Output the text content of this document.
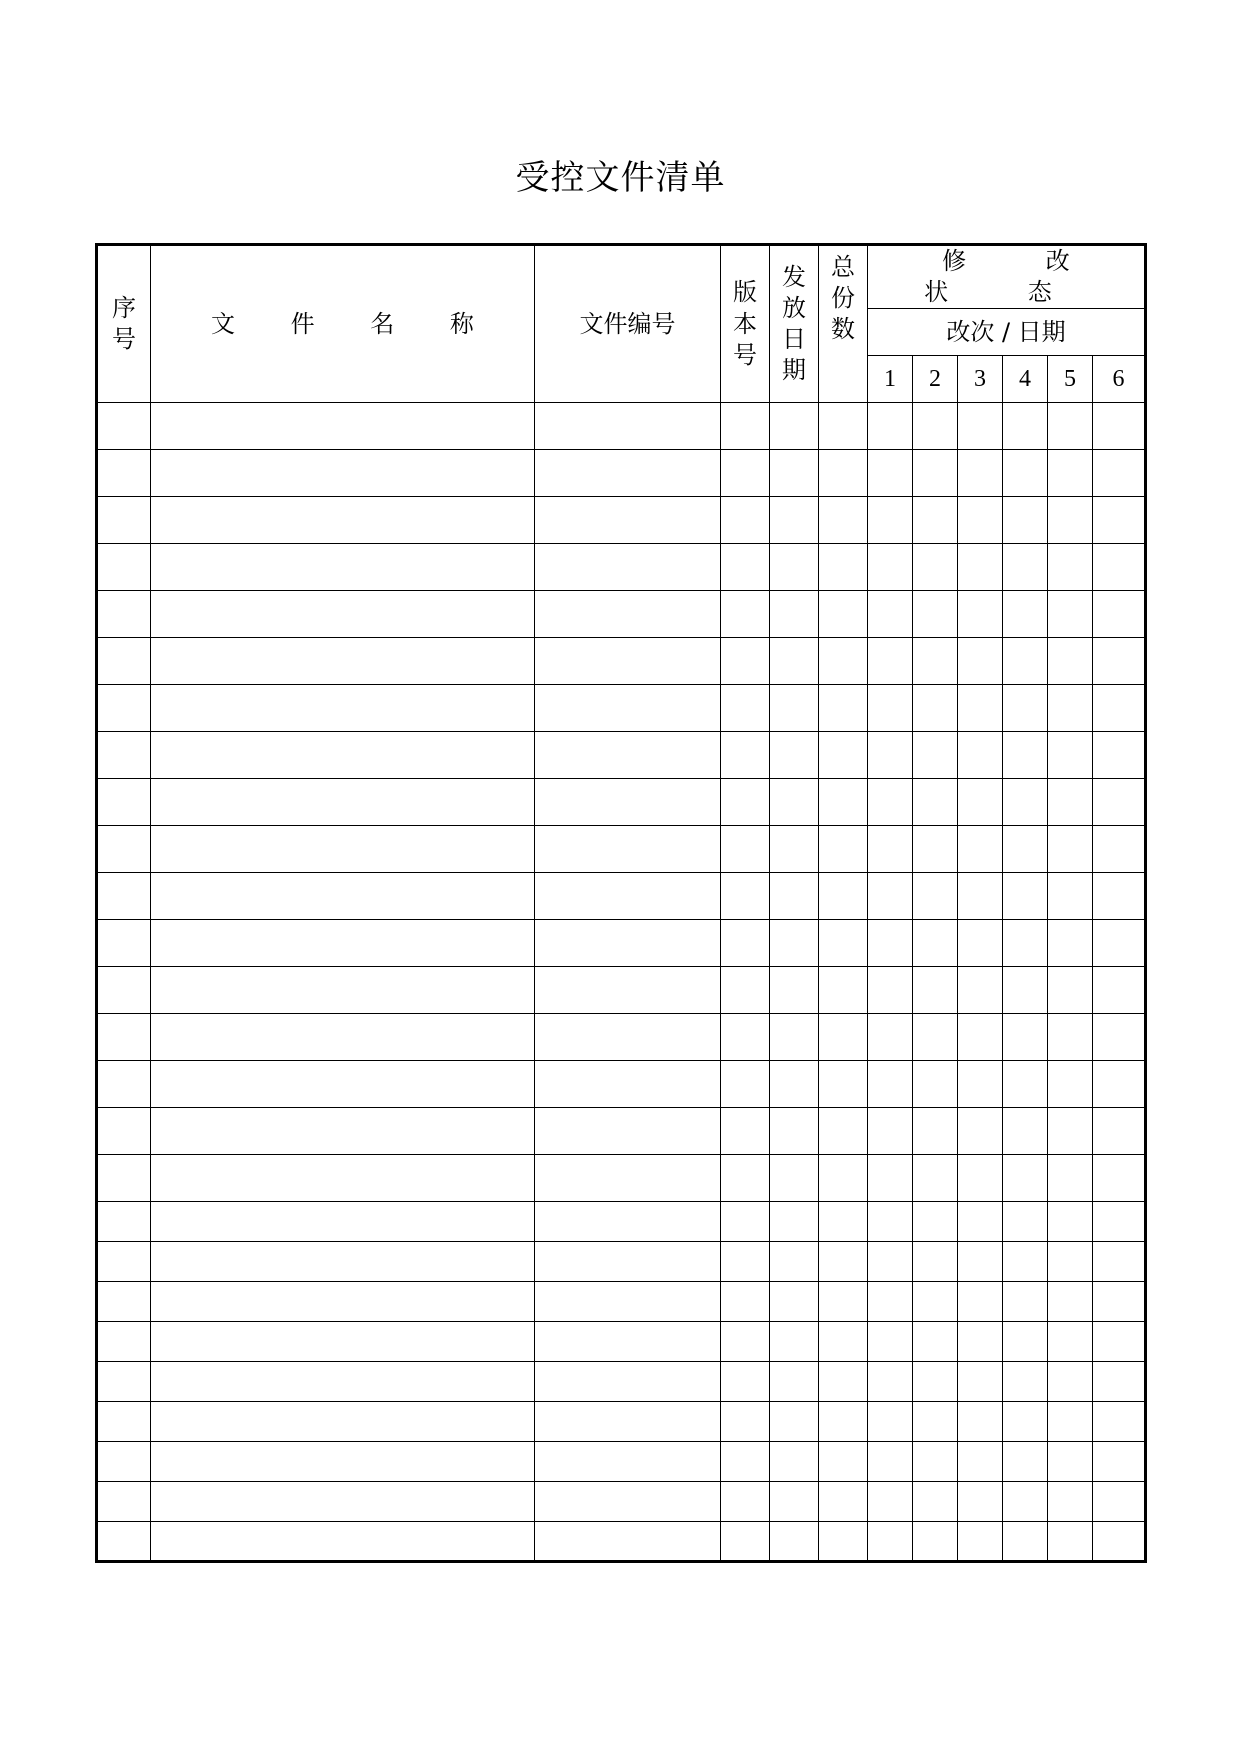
受控文件清单
序号	文 件 名 称	文件编号	版本号	发放日期	总份数	修 改 状 态					
						改次 / 日期					
						1	2	3	4	5	6
